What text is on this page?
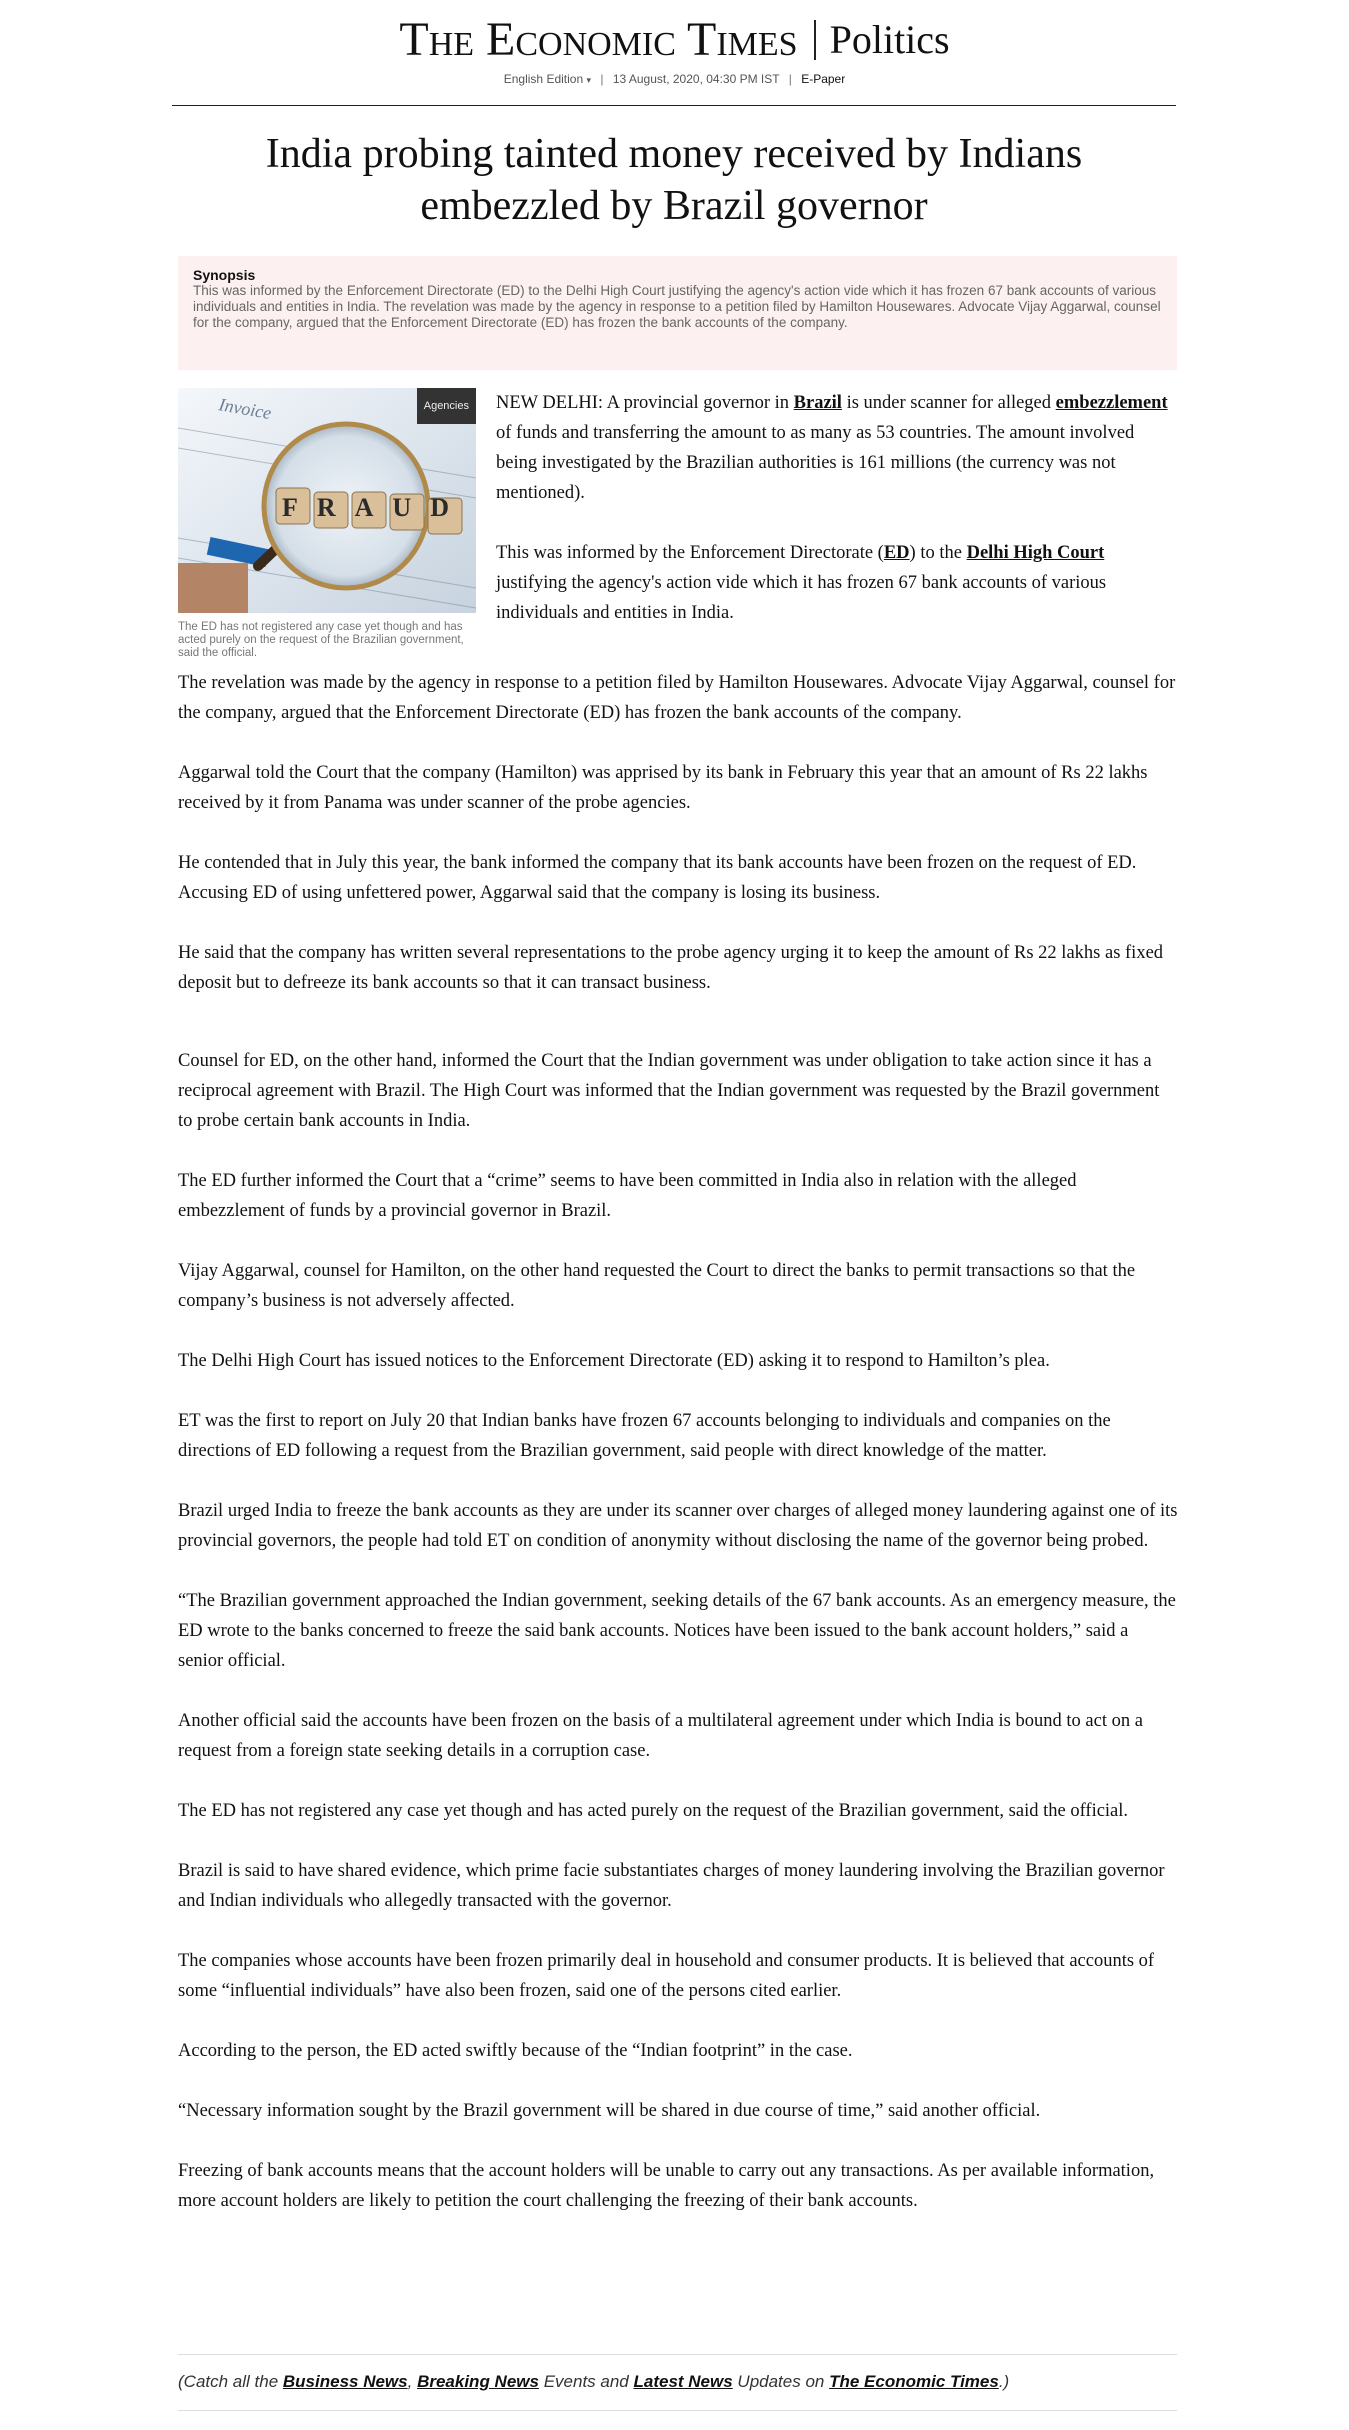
The Economic Times Politics
English Edition ▾ | 13 August, 2020, 04:30 PM IST | E-Paper
India probing tainted money received by Indians embezzled by Brazil governor
Synopsis
This was informed by the Enforcement Directorate (ED) to the Delhi High Court justifying the agency's action vide which it has frozen 67 bank accounts of various individuals and entities in India. The revelation was made by the agency in response to a petition filed by Hamilton Housewares. Advocate Vijay Aggarwal, counsel for the company, argued that the Enforcement Directorate (ED) has frozen the bank accounts of the company.
Invoice
FRAUD
Agencies
The ED has not registered any case yet though and has acted purely on the request of the Brazilian government, said the official.

NEW DELHI: A provincial governor in Brazil is under scanner for alleged embezzlement of funds and transferring the amount to as many as 53 countries. The amount involved being investigated by the Brazilian authorities is 161 millions (the currency was not mentioned).

This was informed by the Enforcement Directorate (ED) to the Delhi High Court justifying the agency's action vide which it has frozen 67 bank accounts of various individuals and entities in India.

The revelation was made by the agency in response to a petition filed by Hamilton Housewares. Advocate Vijay Aggarwal, counsel for the company, argued that the Enforcement Directorate (ED) has frozen the bank accounts of the company.

Aggarwal told the Court that the company (Hamilton) was apprised by its bank in February this year that an amount of Rs 22 lakhs received by it from Panama was under scanner of the probe agencies.

He contended that in July this year, the bank informed the company that its bank accounts have been frozen on the request of ED. Accusing ED of using unfettered power, Aggarwal said that the company is losing its business.

He said that the company has written several representations to the probe agency urging it to keep the amount of Rs 22 lakhs as fixed deposit but to defreeze its bank accounts so that it can transact business.

Counsel for ED, on the other hand, informed the Court that the Indian government was under obligation to take action since it has a reciprocal agreement with Brazil. The High Court was informed that the Indian government was requested by the Brazil government to probe certain bank accounts in India.

The ED further informed the Court that a “crime” seems to have been committed in India also in relation with the alleged embezzlement of funds by a provincial governor in Brazil.

Vijay Aggarwal, counsel for Hamilton, on the other hand requested the Court to direct the banks to permit transactions so that the company’s business is not adversely affected.

The Delhi High Court has issued notices to the Enforcement Directorate (ED) asking it to respond to Hamilton’s plea.

ET was the first to report on July 20 that Indian banks have frozen 67 accounts belonging to individuals and companies on the directions of ED following a request from the Brazilian government, said people with direct knowledge of the matter.

Brazil urged India to freeze the bank accounts as they are under its scanner over charges of alleged money laundering against one of its provincial governors, the people had told ET on condition of anonymity without disclosing the name of the governor being probed.

“The Brazilian government approached the Indian government, seeking details of the 67 bank accounts. As an emergency measure, the ED wrote to the banks concerned to freeze the said bank accounts. Notices have been issued to the bank account holders,” said a senior official.

Another official said the accounts have been frozen on the basis of a multilateral agreement under which India is bound to act on a request from a foreign state seeking details in a corruption case.

The ED has not registered any case yet though and has acted purely on the request of the Brazilian government, said the official.

Brazil is said to have shared evidence, which prime facie substantiates charges of money laundering involving the Brazilian governor and Indian individuals who allegedly transacted with the governor.

The companies whose accounts have been frozen primarily deal in household and consumer products. It is believed that accounts of some “influential individuals” have also been frozen, said one of the persons cited earlier.

According to the person, the ED acted swiftly because of the “Indian footprint” in the case.

“Necessary information sought by the Brazil government will be shared in due course of time,” said another official.

Freezing of bank accounts means that the account holders will be unable to carry out any transactions. As per available information, more account holders are likely to petition the court challenging the freezing of their bank accounts.

(Catch all the Business News, Breaking News Events and Latest News Updates on The Economic Times.)
